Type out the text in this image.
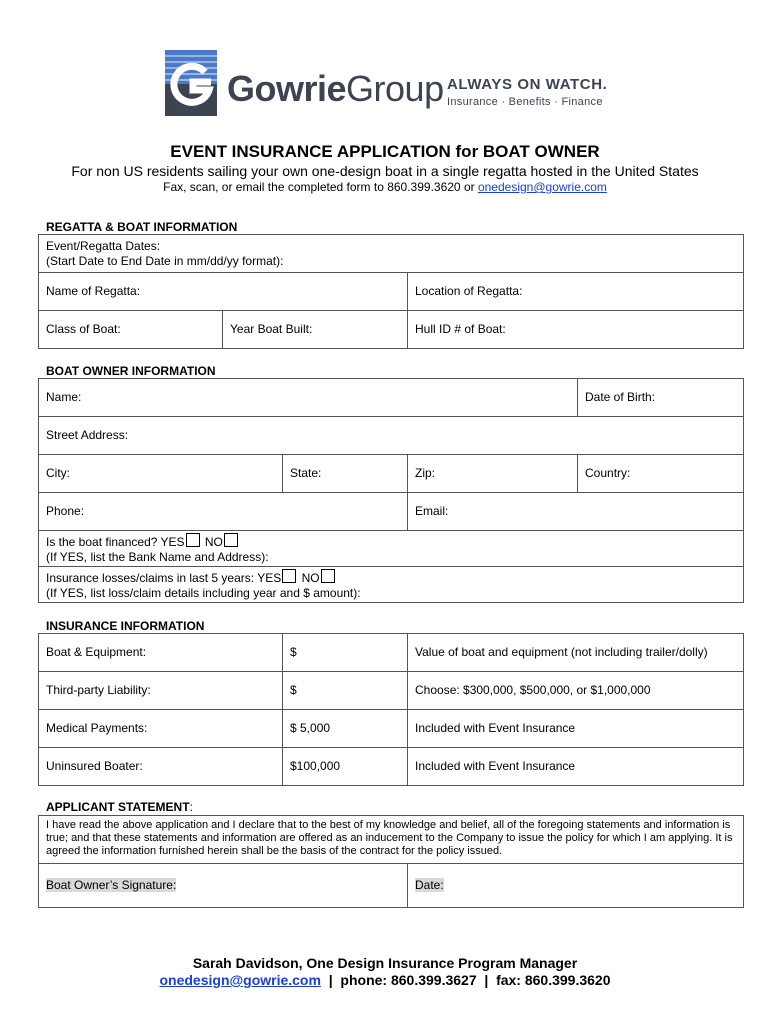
GowrieGroup ALWAYS ON WATCH.
Insurance · Benefits · Finance
EVENT INSURANCE APPLICATION for BOAT OWNER
For non US residents sailing your own one-design boat in a single regatta hosted in the United States
Fax, scan, or email the completed form to 860.399.3620 or onedesign@gowrie.com
REGATTA & BOAT INFORMATION
Event/Regatta Dates:
(Start Date to End Date in mm/dd/yy format):		

Name of Regatta:		Location of Regatta:
Class of Boat:	Year Boat Built:	Hull ID # of Boat:
BOAT OWNER INFORMATION
Name:			Date of Birth:
Street Address:			
City:	State:	Zip:	Country:
Phone:		Email:	

Is the boat financed? YES NO
(If YES, list the Bank Name and Address):			

Insurance losses/claims in last 5 years: YES NO
(If YES, list loss/claim details including year and $ amount):			
INSURANCE INFORMATION
Boat & Equipment:	$	Value of boat and equipment (not including trailer/dolly)
Third-party Liability:	$	Choose: $300,000, $500,000, or $1,000,000
Medical Payments:	$ 5,000	Included with Event Insurance
Uninsured Boater:	$100,000	Included with Event Insurance
APPLICANT STATEMENT:
I have read the above application and I declare that to the best of my knowledge and belief, all of the foregoing statements and information is true; and that these statements and information are offered as an inducement to the Company to issue the policy for which I am applying. It is agreed the information furnished herein shall be the basis of the contract for the policy issued.
Boat Owner’s Signature:	Date:
Sarah Davidson, One Design Insurance Program Manager
onedesign@gowrie.com  |  phone: 860.399.3627  |  fax: 860.399.3620
